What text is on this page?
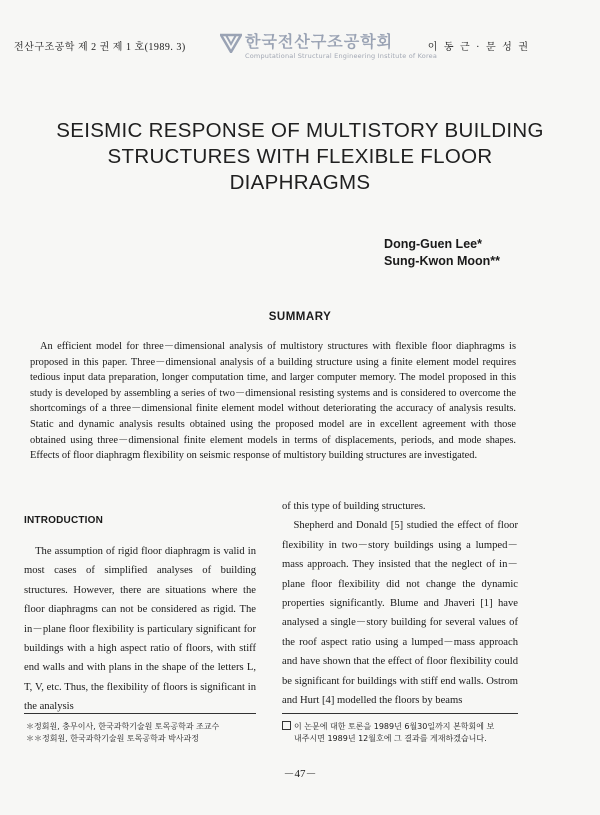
전산구조공학 제 2 권 제 1 호(1989. 3)	한국전산구조공학회
Computational Structural Engineering Institute of Korea
이 동 근 · 문 성 권
SEISMIC RESPONSE OF MULTISTORY BUILDING
STRUCTURES WITH FLEXIBLE FLOOR
DIAPHRAGMS
Dong-Guen Lee*
Sung-Kwon Moon**
SUMMARY

An efficient model for three－dimensional analysis of multistory structures with flexible floor diaphragms is proposed in this paper. Three－dimensional analysis of a building structure using a finite element model requires tedious input data preparation, longer computation time, and larger computer memory. The model proposed in this study is developed by assembling a series of two－dimensional resisting systems and is considered to overcome the shortcomings of a three－dimensional finite element model without deteriorating the accuracy of analysis results. Static and dynamic analysis results obtained using the proposed model are in excellent agreement with those obtained using three－dimensional finite element models in terms of displacements, periods, and mode shapes. Effects of floor diaphragm flexibility on seismic response of multistory building structures are investigated.

INTRODUCTION

　The assumption of rigid floor diaphragm is valid in most cases of simplified analyses of building structures. However, there are situations where the floor diaphragms can not be considered as rigid. The in－plane floor flexibility is particulary significant for buildings with a high aspect ratio of floors, with stiff end walls and with plans in the shape of the letters L, T, V, etc. Thus, the flexibility of floors is significant in the analysis

of this type of building structures.

　Shepherd and Donald [5] studied the effect of floor flexibility in two－story buildings using a lumped－mass approach. They insisted that the neglect of in－plane floor flexibility did not change the dynamic properties significantly. Blume and Jhaveri [1] have analysed a single－story building for several values of the roof aspect ratio using a lumped－mass approach and have shown that the effect of floor flexibility could be significant for buildings with stiff end walls. Ostrom and Hurt [4] modelled the floors by beams

＊정회원, 충무이사, 한국과학기술원 토목공학과 조교수
＊＊정회원, 한국과학기술원 토목공학과 박사과정
이 논문에 대한 토론을 1989년 6월30일까지 본학회에 보
내주시면 1989년 12월호에 그 결과를 게재하겠습니다.
－47－
